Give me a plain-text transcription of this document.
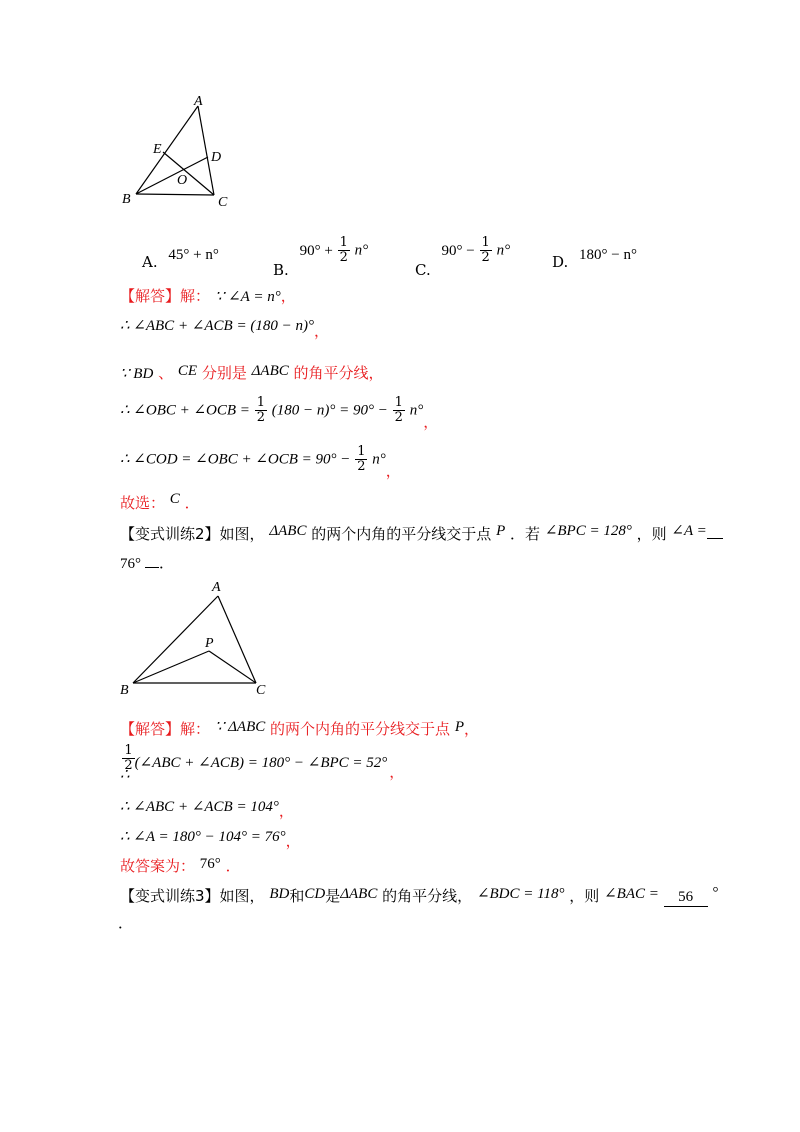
A
B	C
D
E
O
A. 45° + n°
B. $90^\circ + \frac{1}{2} n^\circ$
C. $90^\circ - \frac{1}{2} n^\circ$
D. 180° − n°
【解答】解： ∵ ∠A = n°，
∴ ∠ABC + ∠ACB = (180 − n)°，
∵ BD 、 CE 分别是 ΔABC 的角平分线，
∴ ∠OBC + ∠OCB = $\frac{1}{2} (180 - n)^\circ = 90^\circ - \frac{1}{2} n^\circ$，
∴ ∠COD = ∠OBC + ∠OCB = $90^\circ - \frac{1}{2} n^\circ$，
故选： C ．
【变式训练2】如图， ΔABC 的两个内角的平分线交于点 P ．若 ∠BPC = 128° ，则 ∠A =
76° ．
A
B	C
P
【解答】解： ∵ ΔABC 的两个内角的平分线交于点 P，
∴
$\frac{1}{2}$ (∠ABC + ∠ACB) = 180° − ∠BPC = 52° ，
∴ ∠ABC + ∠ACB = 104°，
∴ ∠A = 180° − 104° = 76°，
故答案为： 76° ．
【变式训练3】如图， BD和CD是ΔABC 的角平分线， ∠BDC = 118° ，则 ∠BAC = 56 °
．
